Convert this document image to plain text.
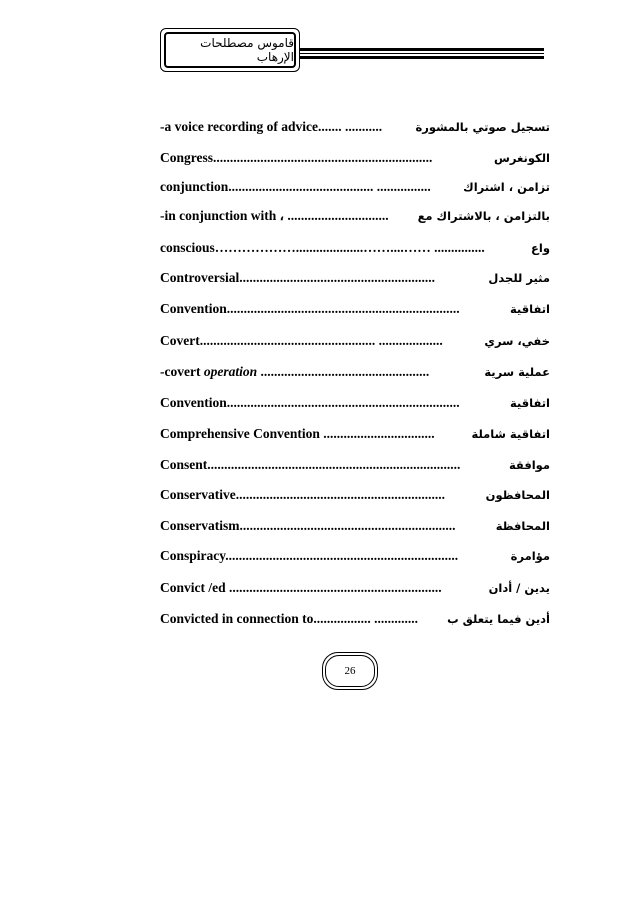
قاموس مصطلحات الإرهاب
-a voice recording of advice....... ...........	تسجيل صوتي بالمشورة
Congress.................................................................	الكونغرس
conjunction........................................... ................	تزامن ، اشتراك
-in conjunction with ، ..............................	بالتزامن ، بالاشتراك مع
conscious………………....................……....…… ...............	واع
Controversial..........................................................	مثير للجدل
Convention.....................................................................	اتفاقية
Covert.................................................... ...................	خفي، سري
-covert operation ..................................................	عملية سرية
Convention.....................................................................	اتفاقية
Comprehensive Convention .................................	اتفاقية شاملة
Consent...........................................................................	موافقة
Conservative..............................................................	المحافظون
Conservatism................................................................	المحافظة
Conspiracy.....................................................................	مؤامرة
Convict /ed ...............................................................	يدين / أدان
Convicted in connection to................. .............	أدين فيما يتعلق ب
26
